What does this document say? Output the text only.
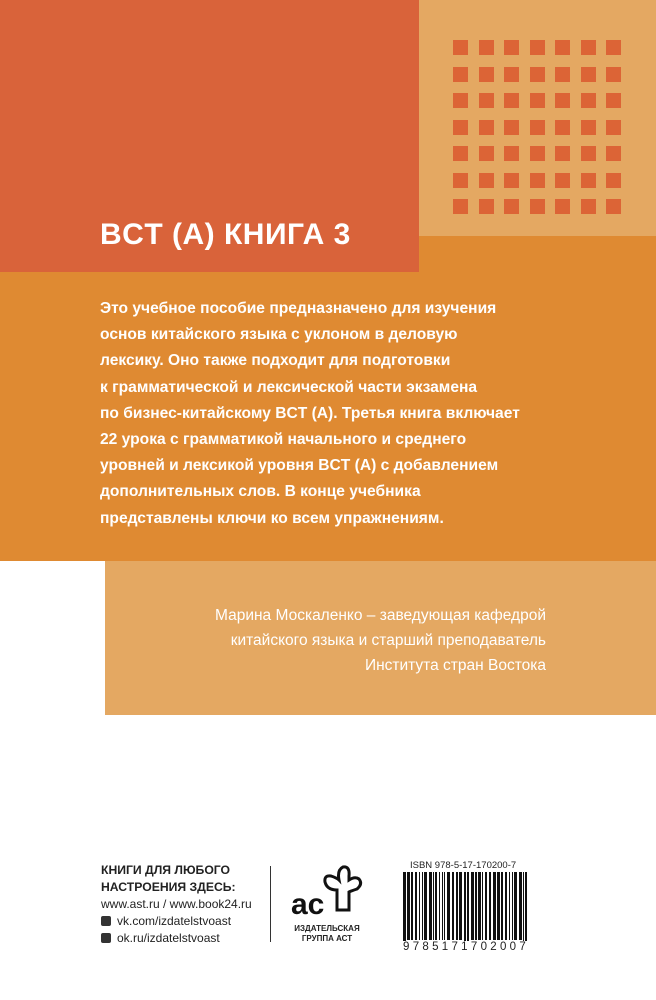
BCT (A) КНИГА 3
Это учебное пособие предназначено для изучения
основ китайского языка с уклоном в деловую
лексику. Оно также подходит для подготовки
к грамматической и лексической части экзамена
по бизнес-китайскому BCT (A). Третья книга включает
22 урока с грамматикой начального и среднего
уровней и лексикой уровня BCT (A) с добавлением
дополнительных слов. В конце учебника
представлены ключи ко всем упражнениям.
Марина Москаленко – заведующая кафедрой
китайского языка и старший преподаватель
Института стран Востока
КНИГИ ДЛЯ ЛЮБОГО
НАСТРОЕНИЯ ЗДЕСЬ:
www.ast.ru / www.book24.ru
vk.com/izdatelstvoast
ok.ru/izdatelstvoast
ac
ИЗДАТЕЛЬСКАЯ
ГРУППА АСТ
ISBN 978-5-17-170200-7
9785171702007
